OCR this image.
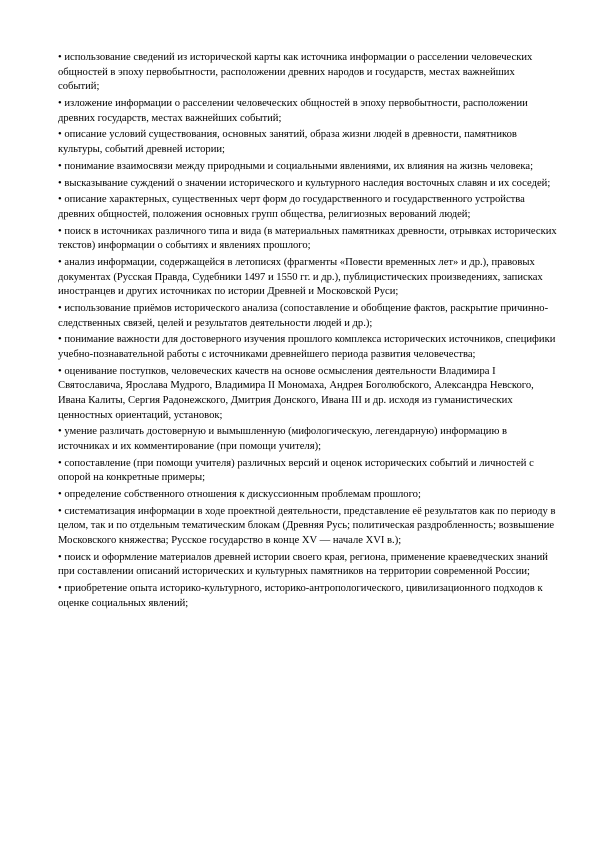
• использование сведений из исторической карты как источника информации о расселении человеческих общностей в эпоху первобытности, расположении древних народов и государств, местах важнейших событий;

• изложение информации о расселении человеческих общностей в эпоху первобытности, расположении древних государств, местах важнейших событий;

• описание условий существования, основных занятий, образа жизни людей в древности, памятников культуры, событий древней истории;

• понимание взаимосвязи между природными и социальными явлениями, их влияния на жизнь человека;

• высказывание суждений о значении исторического и культурного наследия восточных славян и их соседей;

• описание характерных, существенных черт форм до государственного и государственного устройства древних общностей, положения основных групп общества, религиозных верований людей;

• поиск в источниках различного типа и вида (в материальных памятниках древности, отрывках исторических текстов) информации о событиях и явлениях прошлого;

• анализ информации, содержащейся в летописях (фрагменты «Повести временных лет» и др.), правовых документах (Русская Правда, Судебники 1497 и 1550 гг. и др.), публицистических произведениях, записках иностранцев и других источниках по истории Древней и Московской Руси;

• использование приёмов исторического анализа (сопоставление и обобщение фактов, раскрытие причинно-следственных связей, целей и результатов деятельности людей и др.);

• понимание важности для достоверного изучения прошлого комплекса исторических источников, специфики учебно-познавательной работы с источниками древнейшего периода развития человечества;

• оценивание поступков, человеческих качеств на основе осмысления деятельности Владимира I Святославича, Ярослава Мудрого, Владимира II Мономаха, Андрея Боголюбского, Александра Невского, Ивана Калиты, Сергия Радонежского, Дмитрия Донского, Ивана III и др. исходя из гуманистических ценностных ориентаций, установок;

• умение различать достоверную и вымышленную (мифологическую, легендарную) информацию в источниках и их комментирование (при помощи учителя);

• сопоставление (при помощи учителя) различных версий и оценок исторических событий и личностей с опорой на конкретные примеры;

• определение собственного отношения к дискуссионным проблемам прошлого;

• систематизация информации в ходе проектной деятельности, представление её результатов как по периоду в целом, так и по отдельным тематическим блокам (Древняя Русь; политическая раздробленность; возвышение Московского княжества; Русское государство в конце XV — начале XVI в.);

• поиск и оформление материалов древней истории своего края, региона, применение краеведческих знаний при составлении описаний исторических и культурных памятников на территории современной России;

• приобретение опыта историко-культурного, историко-антропологического, цивилизационного подходов к оценке социальных явлений;
